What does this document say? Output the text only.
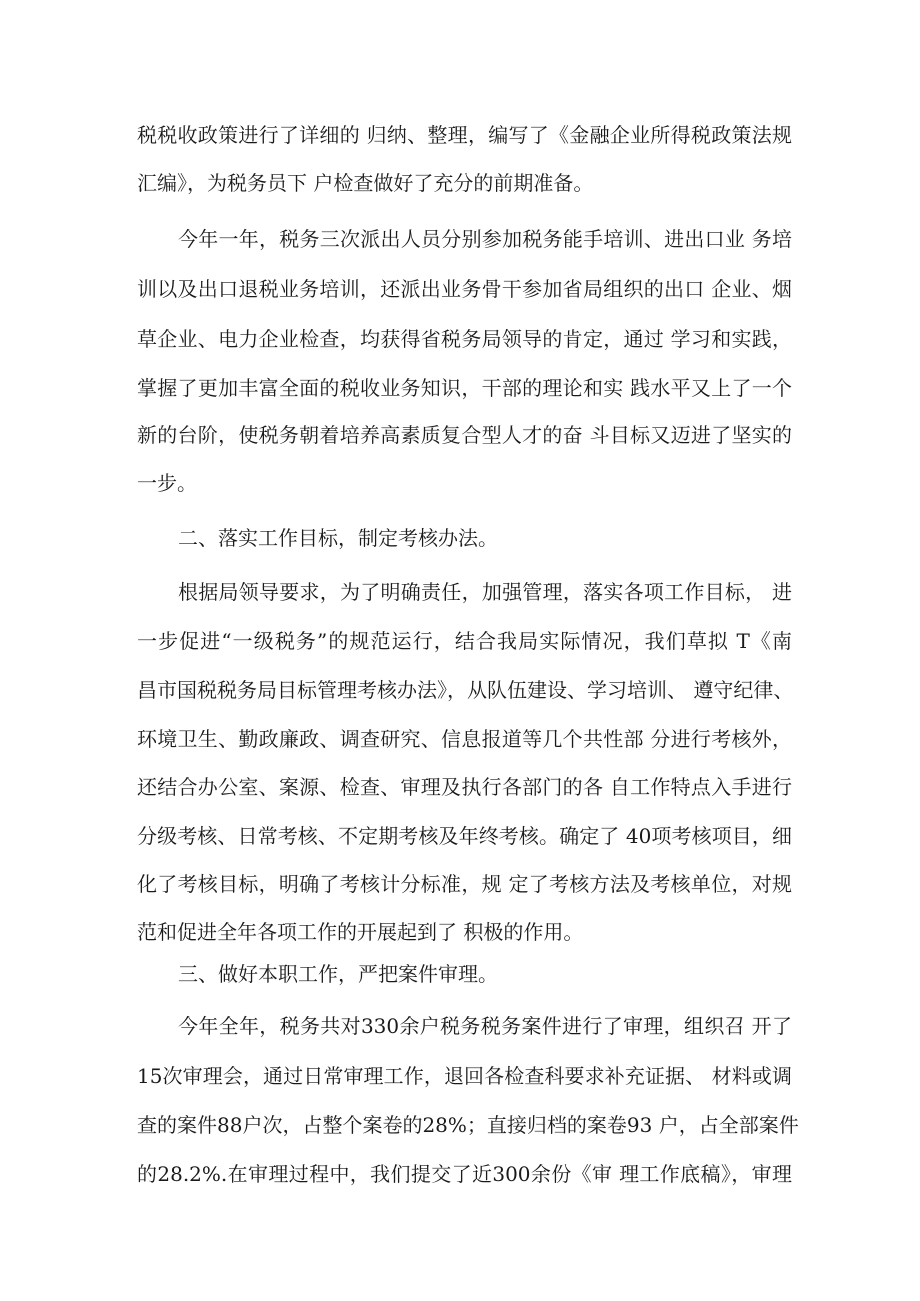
税税收政策进行了详细的 归纳、整理，编写了《金融企业所得税政策法规
汇编》，为税务员下 户检查做好了充分的前期准备。
今年一年，税务三次派出人员分别参加税务能手培训、进出口业 务培
训以及出口退税业务培训，还派出业务骨干参加省局组织的出口 企业、烟
草企业、电力企业检查，均获得省税务局领导的肯定，通过 学习和实践，
掌握了更加丰富全面的税收业务知识，干部的理论和实 践水平又上了一个
新的台阶，使税务朝着培养高素质复合型人才的奋 斗目标又迈进了坚实的
一步。
二、落实工作目标，制定考核办法。
根据局领导要求，为了明确责任，加强管理，落实各项工作目标， 进
一步促进“一级税务”的规范运行，结合我局实际情况，我们草拟 T《南
昌市国税税务局目标管理考核办法》，从队伍建设、学习培训、 遵守纪律、
环境卫生、勤政廉政、调查研究、信息报道等几个共性部 分进行考核外，
还结合办公室、案源、检查、审理及执行各部门的各 自工作特点入手进行
分级考核、日常考核、不定期考核及年终考核。确定了 40项考核项目，细
化了考核目标，明确了考核计分标准，规 定了考核方法及考核单位，对规
范和促进全年各项工作的开展起到了 积极的作用。
三、做好本职工作，严把案件审理。
今年全年，税务共对330余户税务税务案件进行了审理，组织召 开了
15次审理会，通过日常审理工作，退回各检查科要求补充证据、 材料或调
查的案件88户次，占整个案卷的28%；直接归档的案卷93 户，占全部案件
的28.2%.在审理过程中，我们提交了近300余份《审 理工作底稿》，审理
